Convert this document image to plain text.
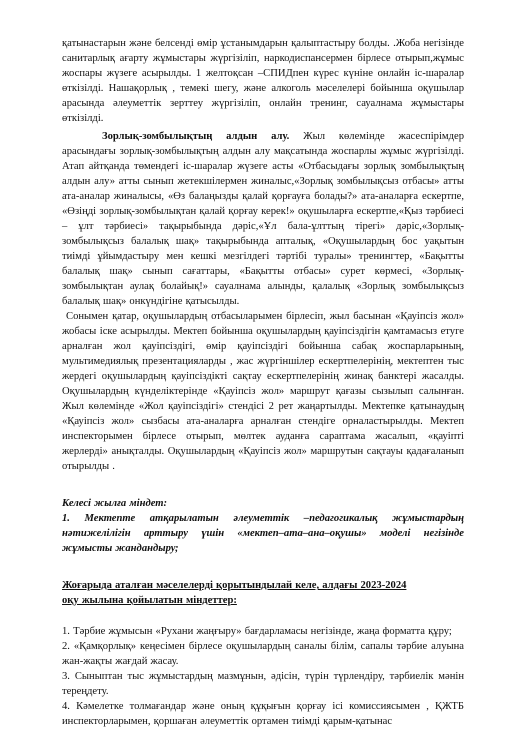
қатынастарын және белсенді өмір ұстанымдарын қалыптастыру болды. .Жоба негізіндe санитарлық ағарту жұмыстары жүргізіліп, наркодиспансермен бірлесе отырып,жұмыс жоспары жүзеге асырылды. 1 желтоқсан –СПИДпен күрес күніне онлайн іс-шаралар өткізілді. Нашақорлық , темекі шегу, және алкоголь мәселелері бойынша оқушылар арасында әлеуметтік зерттеу жүргізіліп, онлайн тренинг, сауалнама жұмыстары өткізілді.

Зорлық-зомбылықтың алдын алу. Жыл көлемінде жасеспірімдер арасындағы зорлық-зомбылықтың алдын алу мақсатында жоспарлы жұмыс жүргізілді. Атап айтқанда төмендегі іс-шаралар жүзеге асты «Отбасыдағы зорлық зомбылықтың алдын алу» атты сынып жетекшілермен жиналыс,«Зорлық зомбылықсыз отбасы» атты ата-аналар жиналысы, «Өз балаңызды қалай қорғауға болады?» ата-аналарға ескертпе, «Өзіңді зорлық-зомбылықтан қалай қорғау керек!» оқушыларға ескертпе,«Қыз тәрбиесі – ұлт тәрбиесі» тақырыбында дәріс,«Ұл бала-ұлттың тірегі» дәріс,«Зорлық-зомбылықсыз балалық шақ» тақырыбында апталық, «Оқушылардың бос уақытын тиімді ұйымдастыру мен кешкі мезгілдегі тәртібі туралы» тренингтер, «Бақытты балалық шақ» сынып сағаттары, «Бақытты отбасы» сурет көрмесі, «Зорлық-зомбылықтан аулақ болайық!» сауалнама алынды, қалалық «Зорлық зомбылықсыз балалық шақ» онкүндігіне қатысылды.

Сонымен қатар, оқушылардың отбасыларымен бірлесіп, жыл басынан «Қауіпсіз жол» жобасы іске асырылды. Мектеп бойынша оқушылардың қауіпсіздігін қамтамасыз етуге арналған жол қауіпсіздігі, өмір қауіпсіздігі бойынша сабақ жоспарларының, мультимедиялық презентацияларды , жас жүргіншілер ескертпелерінің, мектептен тыс жердегі оқушылардың қауіпсіздікті сақтау ескертпелерінің жинақ банктері жасалды. Оқушылардың күнделіктерінде «Қауіпсіз жол» маршрут қағазы сызылып салынған. Жыл көлемінде «Жол қауіпсіздігі» стендісі 2 рет жаңартылды. Мектепке қатынаудың «Қауіпсіз жол» сызбасы ата-аналарға арналған стендіге орналастырылды. Мектеп инспекторымен бірлесе отырып, мөлтек ауданға сараптама жасалып, «қауіпті жерлерді» анықталды. Оқушылардың «Қауіпсіз жол» маршрутын сақтауы қадағаланып отырылды .

Келесі жылға міндет:

1. Мектепте атқарылатын әлеуметтік –педагогикалық жұмыстардың нәтижелілігін арттыру үшін «мектеп–ата–ана–оқушы» моделі негізінде жұмысты жандандыру;

Жоғарыда аталған мәселелерді қорытындылай келе, алдағы 2023-2024

оқу жылына қойылатын міндеттер:

1. Тәрбие жұмысын «Рухани жаңғыру» бағдарламасы негізінде, жаңа форматта құру;

2. «Қамқорлық» кеңесімен бірлесе оқушылардың саналы білім, сапалы тәрбие алуына жан-жақты жағдай жасау.

3. Сыныптан тыс жұмыстардың мазмұнын, әдісін, түрін түрлендіру, тәрбиелік мәнін тереңдету.

4. Кәмелетке толмағандар және оның құқығын қорғау ісі комиссиясымен , ҚЖТБ инспекторларымен, қоршаған әлеуметтік ортамен тиімді қарым-қатынас
